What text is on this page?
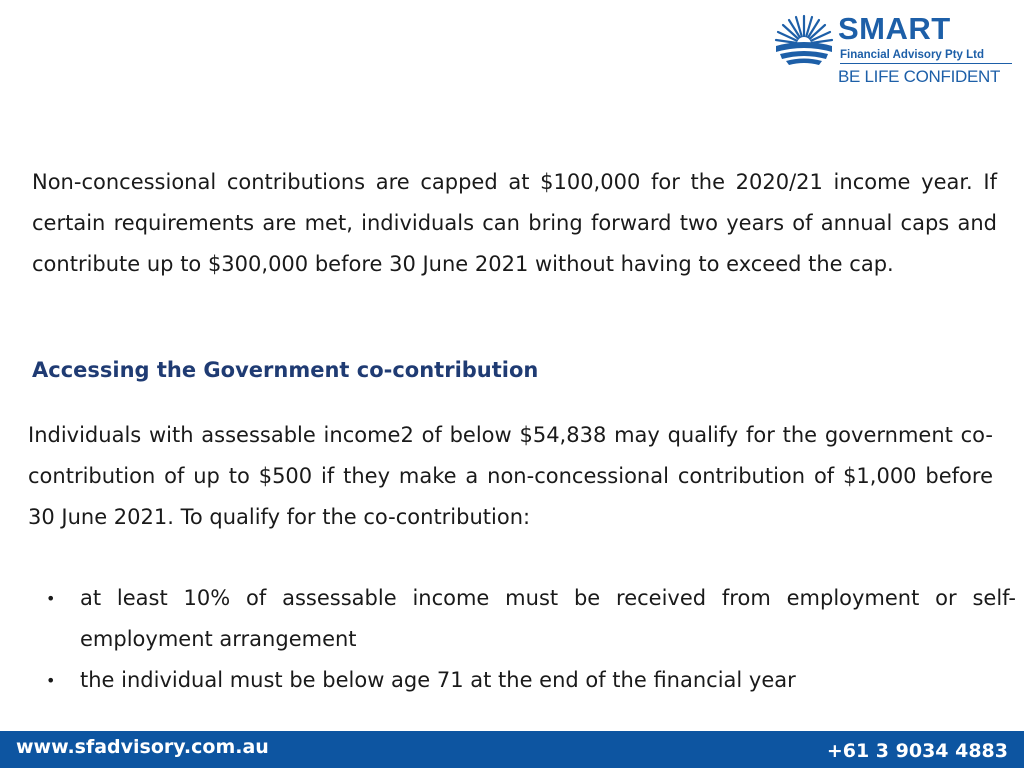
SMART
Financial Advisory Pty Ltd
BE LIFE CONFIDENT

Non-concessional contributions are capped at $100,000 for the 2020/21 income year. If certain requirements are met, individuals can bring forward two years of annual caps and contribute up to $300,000 before 30 June 2021 without having to exceed the cap.

Accessing the Government co-contribution

Individuals with assessable income2 of below $54,838 may qualify for the government co-contribution of up to $500 if they make a non-concessional contribution of $1,000 before 30 June 2021. To qualify for the co-contribution:

• at least 10% of assessable income must be received from employment or self-employment arrangement
• the individual must be below age 71 at the end of the financial year
www.sfadvisory.com.au	+61 3 9034 4883
